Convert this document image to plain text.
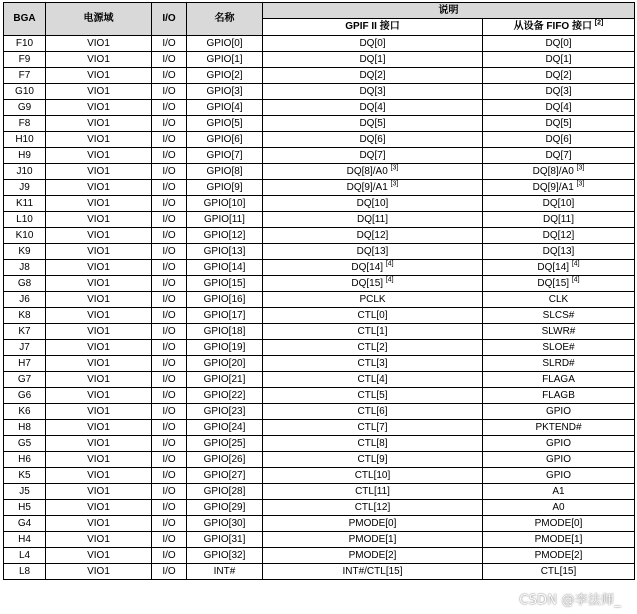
BGA	电源域	I/O	名称	说明	
				GPIF II 接口	从设备 FIFO 接口 [2]
F10	VIO1	I/O	GPIO[0]	DQ[0]	DQ[0]
F9	VIO1	I/O	GPIO[1]	DQ[1]	DQ[1]
F7	VIO1	I/O	GPIO[2]	DQ[2]	DQ[2]
G10	VIO1	I/O	GPIO[3]	DQ[3]	DQ[3]
G9	VIO1	I/O	GPIO[4]	DQ[4]	DQ[4]
F8	VIO1	I/O	GPIO[5]	DQ[5]	DQ[5]
H10	VIO1	I/O	GPIO[6]	DQ[6]	DQ[6]
H9	VIO1	I/O	GPIO[7]	DQ[7]	DQ[7]
J10	VIO1	I/O	GPIO[8]	DQ[8]/A0 [3]	DQ[8]/A0 [3]
J9	VIO1	I/O	GPIO[9]	DQ[9]/A1 [3]	DQ[9]/A1 [3]
K11	VIO1	I/O	GPIO[10]	DQ[10]	DQ[10]
L10	VIO1	I/O	GPIO[11]	DQ[11]	DQ[11]
K10	VIO1	I/O	GPIO[12]	DQ[12]	DQ[12]
K9	VIO1	I/O	GPIO[13]	DQ[13]	DQ[13]
J8	VIO1	I/O	GPIO[14]	DQ[14] [4]	DQ[14] [4]
G8	VIO1	I/O	GPIO[15]	DQ[15] [4]	DQ[15] [4]
J6	VIO1	I/O	GPIO[16]	PCLK	CLK
K8	VIO1	I/O	GPIO[17]	CTL[0]	SLCS#
K7	VIO1	I/O	GPIO[18]	CTL[1]	SLWR#
J7	VIO1	I/O	GPIO[19]	CTL[2]	SLOE#
H7	VIO1	I/O	GPIO[20]	CTL[3]	SLRD#
G7	VIO1	I/O	GPIO[21]	CTL[4]	FLAGA
G6	VIO1	I/O	GPIO[22]	CTL[5]	FLAGB
K6	VIO1	I/O	GPIO[23]	CTL[6]	GPIO
H8	VIO1	I/O	GPIO[24]	CTL[7]	PKTEND#
G5	VIO1	I/O	GPIO[25]	CTL[8]	GPIO
H6	VIO1	I/O	GPIO[26]	CTL[9]	GPIO
K5	VIO1	I/O	GPIO[27]	CTL[10]	GPIO
J5	VIO1	I/O	GPIO[28]	CTL[11]	A1
H5	VIO1	I/O	GPIO[29]	CTL[12]	A0
G4	VIO1	I/O	GPIO[30]	PMODE[0]	PMODE[0]
H4	VIO1	I/O	GPIO[31]	PMODE[1]	PMODE[1]
L4	VIO1	I/O	GPIO[32]	PMODE[2]	PMODE[2]
L8	VIO1	I/O	INT#	INT#/CTL[15]	CTL[15]
CSDN @李法师_
